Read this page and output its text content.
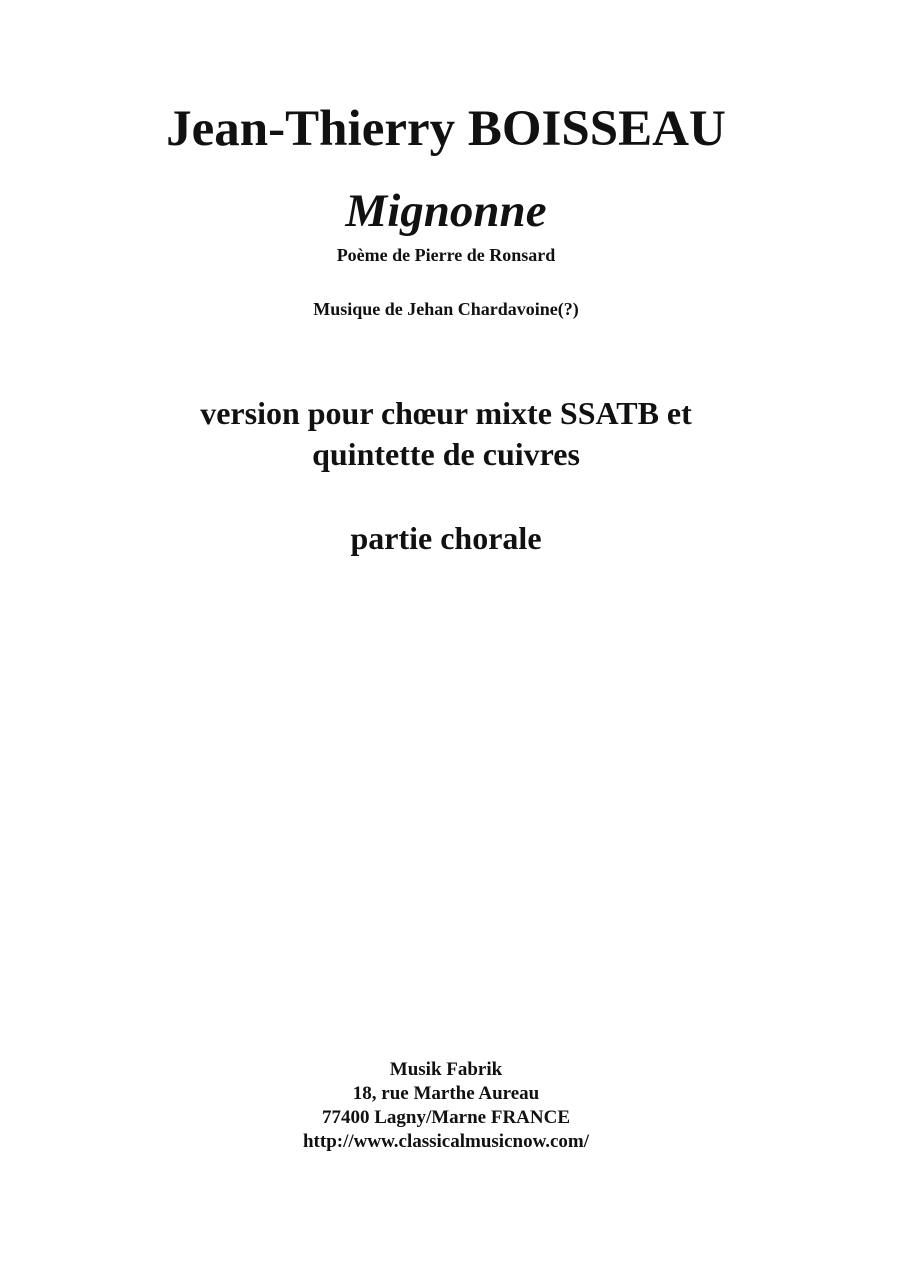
Jean-Thierry BOISSEAU
Mignonne
Poème de Pierre de Ronsard
Musique de Jehan Chardavoine(?)
version pour chœur mixte SSATB et
quintette de cuivres
partie chorale
Musik Fabrik
18, rue Marthe Aureau
77400 Lagny/Marne FRANCE
http://www.classicalmusicnow.com/
